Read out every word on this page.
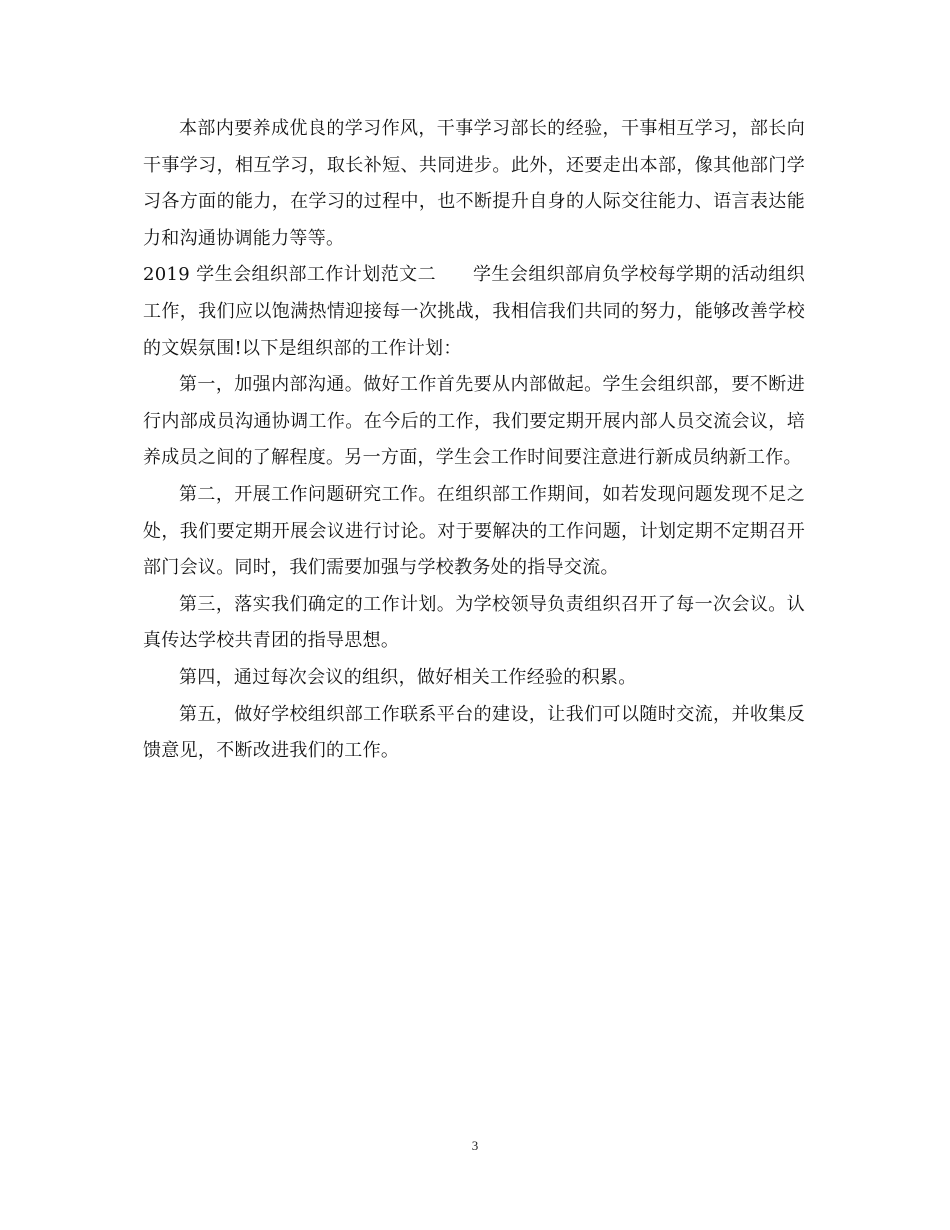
本部内要养成优良的学习作风，干事学习部长的经验，干事相互学习，部长向干事学习，相互学习，取长补短、共同进步。此外，还要走出本部，像其他部门学习各方面的能力，在学习的过程中，也不断提升自身的人际交往能力、语言表达能力和沟通协调能力等等。

2019 学生会组织部工作计划范文二　　学生会组织部肩负学校每学期的活动组织工作，我们应以饱满热情迎接每一次挑战，我相信我们共同的努力，能够改善学校的文娱氛围!以下是组织部的工作计划：

第一，加强内部沟通。做好工作首先要从内部做起。学生会组织部，要不断进行内部成员沟通协调工作。在今后的工作，我们要定期开展内部人员交流会议，培养成员之间的了解程度。另一方面，学生会工作时间要注意进行新成员纳新工作。

第二，开展工作问题研究工作。在组织部工作期间，如若发现问题发现不足之处，我们要定期开展会议进行讨论。对于要解决的工作问题，计划定期不定期召开部门会议。同时，我们需要加强与学校教务处的指导交流。

第三，落实我们确定的工作计划。为学校领导负责组织召开了每一次会议。认真传达学校共青团的指导思想。

第四，通过每次会议的组织，做好相关工作经验的积累。

第五，做好学校组织部工作联系平台的建设，让我们可以随时交流，并收集反馈意见，不断改进我们的工作。

3
